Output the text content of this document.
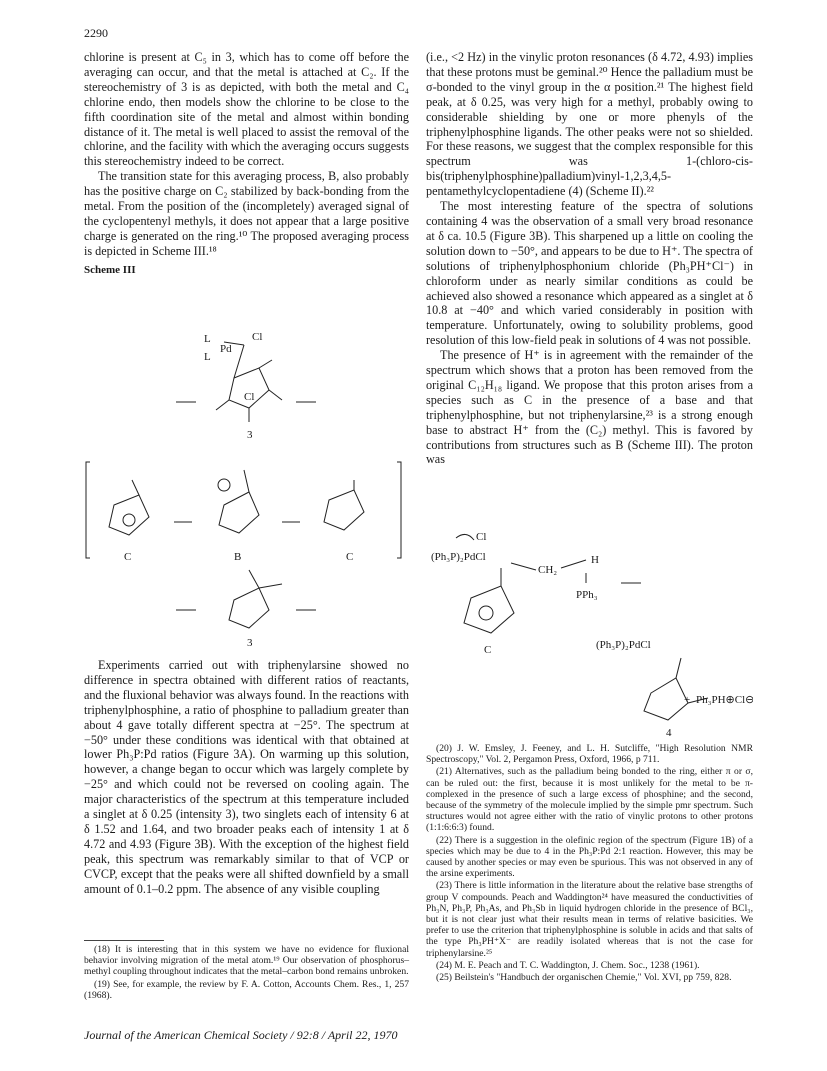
2290

chlorine is present at C₅ in 3, which has to come off before the averaging can occur, and that the metal is attached at C₂. If the stereochemistry of 3 is as depicted, with both the metal and C₄ chlorine endo, then models show the chlorine to be close to the fifth coordination site of the metal and almost within bonding distance of it. The metal is well placed to assist the removal of the chlorine, and the facility with which the averaging occurs suggests this stereochemistry indeed to be correct.

The transition state for this averaging process, B, also probably has the positive charge on C₂ stabilized by back-bonding from the metal. From the position of the (incompletely) averaged signal of the cyclopentenyl methyls, it does not appear that a large positive charge is generated on the ring.¹⁰ The proposed averaging process is depicted in Scheme III.¹⁸

Scheme III
L
L
Pd
Cl
Cl
3
C	B	C
3

Experiments carried out with triphenylarsine showed no difference in spectra obtained with different ratios of reactants, and the fluxional behavior was always found. In the reactions with triphenylphosphine, a ratio of phosphine to palladium greater than about 4 gave totally different spectra at −25°. The spectrum at −50° under these conditions was identical with that obtained at lower Ph₃P:Pd ratios (Figure 3A). On warming up this solution, however, a change began to occur which was largely complete by −25° and which could not be reversed on cooling again. The major characteristics of the spectrum at this temperature included a singlet at δ 0.25 (intensity 3), two singlets each of intensity 6 at δ 1.52 and 1.64, and two broader peaks each of intensity 1 at δ 4.72 and 4.93 (Figure 3B). With the exception of the highest field peak, this spectrum was remarkably similar to that of VCP or CVCP, except that the peaks were all shifted downfield by a small amount of 0.1–0.2 ppm. The absence of any visible coupling

(18) It is interesting that in this system we have no evidence for fluxional behavior involving migration of the metal atom.¹⁹ Our observation of phosphorus–methyl coupling throughout indicates that the metal–carbon bond remains unbroken.

(19) See, for example, the review by F. A. Cotton, Accounts Chem. Res., 1, 257 (1968).

(i.e., <2 Hz) in the vinylic proton resonances (δ 4.72, 4.93) implies that these protons must be geminal.²⁰ Hence the palladium must be σ-bonded to the vinyl group in the α position.²¹ The highest field peak, at δ 0.25, was very high for a methyl, probably owing to considerable shielding by one or more phenyls of the triphenylphosphine ligands. The other peaks were not so shielded. For these reasons, we suggest that the complex responsible for this spectrum was 1-(chloro-cis-bis(triphenylphosphine)palladium)vinyl-1,2,3,4,5-pentamethylcyclopentadiene (4) (Scheme II).²²

The most interesting feature of the spectra of solutions containing 4 was the observation of a small very broad resonance at δ ca. 10.5 (Figure 3B). This sharpened up a little on cooling the solution down to −50°, and appears to be due to H⁺. The spectra of solutions of triphenylphosphonium chloride (Ph₃PH⁺Cl⁻) in chloroform under as nearly similar conditions as could be achieved also showed a resonance which appeared as a singlet at δ 10.8 at −40° and which varied considerably in position with temperature. Unfortunately, owing to solubility problems, good resolution of this low-field peak in solutions of 4 was not possible.

The presence of H⁺ is in agreement with the remainder of the spectrum which shows that a proton has been removed from the original C₁₂H₁₈ ligand. We propose that this proton arises from a species such as C in the presence of a base and that triphenylphosphine, but not triphenylarsine,²³ is a strong enough base to abstract H⁺ from the (C₂) methyl. This is favored by contributions from structures such as B (Scheme III). The proton was

Cl
(Ph₃P)₂PdCl
CH₂
H
PPh₃
C	(Ph₃P)₂PdCl
+ Ph₃PH⊕Cl⊖
4

(20) J. W. Emsley, J. Feeney, and L. H. Sutcliffe, "High Resolution NMR Spectroscopy," Vol. 2, Pergamon Press, Oxford, 1966, p 711.

(21) Alternatives, such as the palladium being bonded to the ring, either π or σ, can be ruled out: the first, because it is most unlikely for the metal to be π-complexed in the presence of such a large excess of phosphine; and the second, because of the symmetry of the molecule implied by the simple pmr spectrum. Such structures would not agree either with the ratio of vinylic protons to other protons (1:1:6:6:3) found.

(22) There is a suggestion in the olefinic region of the spectrum (Figure 1B) of a species which may be due to 4 in the Ph₃P:Pd 2:1 reaction. However, this may be caused by another species or may even be spurious. This was not observed in any of the arsine experiments.

(23) There is little information in the literature about the relative base strengths of group V compounds. Peach and Waddington²⁴ have measured the conductivities of Ph₃N, Ph₃P, Ph₃As, and Ph₃Sb in liquid hydrogen chloride in the presence of BCl₃, but it is not clear just what their results mean in terms of relative basicities. We prefer to use the criterion that triphenylphosphine is soluble in acids and that salts of the type Ph₃PH⁺X⁻ are readily isolated whereas that is not the case for triphenylarsine.²⁵

(24) M. E. Peach and T. C. Waddington, J. Chem. Soc., 1238 (1961).

(25) Beilstein's "Handbuch der organischen Chemie," Vol. XVI, pp 759, 828.

Journal of the American Chemical Society / 92:8 / April 22, 1970
